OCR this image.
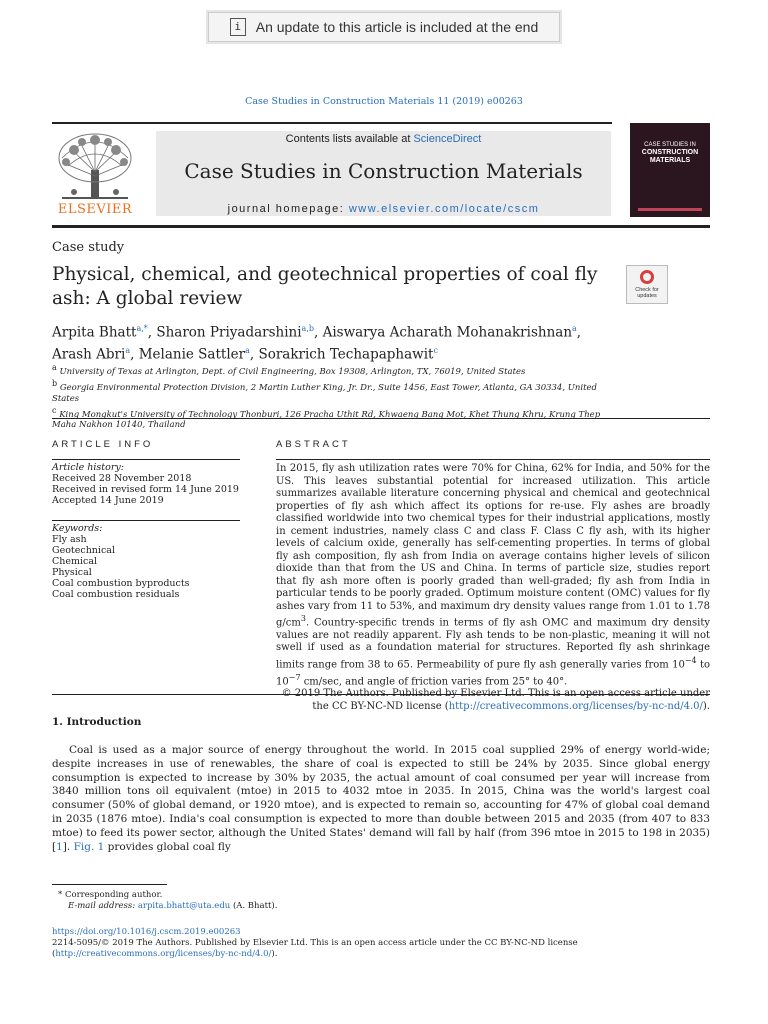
i	An update to this article is included at the end
Case Studies in Construction Materials 11 (2019) e00263
ELSEVIER
Contents lists available at ScienceDirect
Case Studies in Construction Materials
journal homepage: www.elsevier.com/locate/cscm
CASE STUDIES IN
CONSTRUCTION
MATERIALS
Case study
Physical, chemical, and geotechnical properties of coal fly ash: A global review	Check for updates
Arpita Bhatt$^{a,*}$, Sharon Priyadarshini$^{a,b}$, Aiswarya Acharath Mohanakrishnan$^a$,
Arash Abri$^a$, Melanie Sattler$^a$, Sorakrich Techapaphawit$^c$
$^a$ University of Texas at Arlington, Dept. of Civil Engineering, Box 19308, Arlington, TX, 76019, United States
$^b$ Georgia Environmental Protection Division, 2 Martin Luther King, Jr. Dr., Suite 1456, East Tower, Atlanta, GA 30334, United States
$^c$ King Mongkut's University of Technology Thonburi, 126 Pracha Uthit Rd, Khwaeng Bang Mot, Khet Thung Khru, Krung Thep Maha Nakhon 10140, Thailand
ARTICLE INFO	ABSTRACT
Article history:
Received 28 November 2018
Received in revised form 14 June 2019
Accepted 14 June 2019
Keywords:
Fly ash
Geotechnical
Chemical
Physical
Coal combustion byproducts
Coal combustion residuals

In 2015, fly ash utilization rates were 70% for China, 62% for India, and 50% for the US. This leaves substantial potential for increased utilization. This article summarizes available literature concerning physical and chemical and geotechnical properties of fly ash which affect its options for re-use. Fly ashes are broadly classified worldwide into two chemical types for their industrial applications, mostly in cement industries, namely class C and class F. Class C fly ash, with its higher levels of calcium oxide, generally has self-cementing properties. In terms of global fly ash composition, fly ash from India on average contains higher levels of silicon dioxide than that from the US and China. In terms of particle size, studies report that fly ash more often is poorly graded than well-graded; fly ash from India in particular tends to be poorly graded. Optimum moisture content (OMC) values for fly ashes vary from 11 to 53%, and maximum dry density values range from 1.01 to 1.78 $g/cm^3$. Country-specific trends in terms of fly ash OMC and maximum dry density values are not readily apparent. Fly ash tends to be non-plastic, meaning it will not swell if used as a foundation material for structures. Reported fly ash shrinkage limits range from 38 to 65. Permeability of pure fly ash generally varies from $10^{-4}$ to $10^{-7}$ cm/sec, and angle of friction varies from 25° to 40°.

© 2019 The Authors. Published by Elsevier Ltd. This is an open access article under the CC BY-NC-ND license (http://creativecommons.org/licenses/by-nc-nd/4.0/).

1. Introduction
Coal is used as a major source of energy throughout the world. In 2015 coal supplied 29% of energy world-wide; despite increases in use of renewables, the share of coal is expected to still be 24% by 2035. Since global energy consumption is expected to increase by 30% by 2035, the actual amount of coal consumed per year will increase from 3840 million tons oil equivalent (mtoe) in 2015 to 4032 mtoe in 2035. In 2015, China was the world's largest coal consumer (50% of global demand, or 1920 mtoe), and is expected to remain so, accounting for 47% of global coal demand in 2035 (1876 mtoe). India's coal consumption is expected to more than double between 2015 and 2035 (from 407 to 833 mtoe) to feed its power sector, although the United States' demand will fall by half (from 396 mtoe in 2015 to 198 in 2035) [1]. Fig. 1 provides global coal fly
* Corresponding author.
E-mail address: arpita.bhatt@uta.edu (A. Bhatt).
https://doi.org/10.1016/j.cscm.2019.e00263
2214-5095/© 2019 The Authors. Published by Elsevier Ltd. This is an open access article under the CC BY-NC-ND license (http://creativecommons.org/licenses/by-nc-nd/4.0/).
